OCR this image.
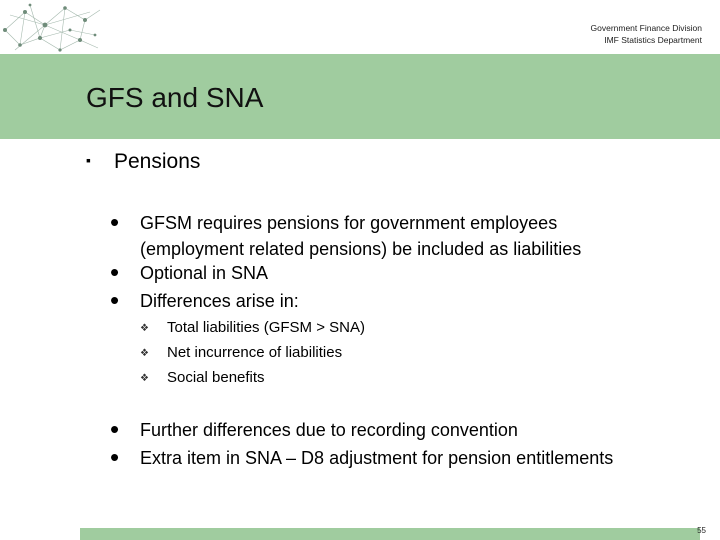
Government Finance Division
IMF Statistics Department
GFS and SNA
▪ Pensions
• GFSM requires pensions for government employees (employment related pensions) be included as liabilities
• Optional in SNA
• Differences arise in:
❖ Total liabilities (GFSM > SNA)
❖ Net incurrence of liabilities
❖ Social benefits
• Further differences due to recording convention
• Extra item in SNA – D8 adjustment for pension entitlements
55
